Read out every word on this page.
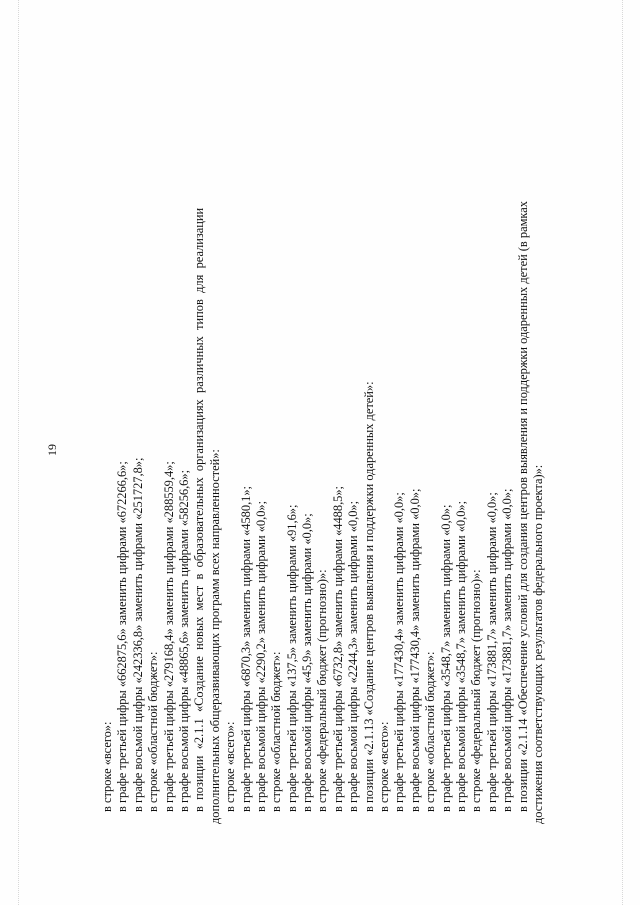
19
в строке «всего»: в графе третьей цифры «662875,6» заменить цифрами «672266,6»; в графе восьмой цифры «242336,8» заменить цифрами «251727,8»; в строке «областной бюджет»: в графе третьей цифры «279168,4» заменить цифрами «288559,4»; в графе восьмой цифры «48865,6» заменить цифрами «58256,6»; в позиции «2.1.1 «Создание новых мест в образовательных организациях различных типов для реализации дополнительных общеразвивающих программ всех направленностей»: в строке «всего»: в графе третьей цифры «6870,3» заменить цифрами «4580,1»; в графе восьмой цифры «2290,2» заменить цифрами «0,0»; в строке «областной бюджет»: в графе третьей цифры «137,5» заменить цифрами «91,6»; в графе восьмой цифры «45,9» заменить цифрами «0,0»; в строке «федеральный бюджет (прогнозно)»: в графе третьей цифры «6732,8» заменить цифрами «4488,5»; в графе восьмой цифры «2244,3» заменить цифрами «0,0»; в позиции «2.1.13 «Создание центров выявления и поддержки одаренных детей»: в строке «всего»: в графе третьей цифры «177430,4» заменить цифрами «0,0»; в графе восьмой цифры «177430,4» заменить цифрами «0,0»; в строке «областной бюджет»: в графе третьей цифры «3548,7» заменить цифрами «0,0»; в графе восьмой цифры «3548,7» заменить цифрами «0,0»; в строке «федеральный бюджет (прогнозно)»: в графе третьей цифры «173881,7» заменить цифрами «0,0»; в графе восьмой цифры «173881,7» заменить цифрами «0,0»; в позиции «2.1.14 «Обеспечение условий для создания центров выявления и поддержки одаренных детей (в рамках достижения соответствующих результатов федерального проекта)»:
